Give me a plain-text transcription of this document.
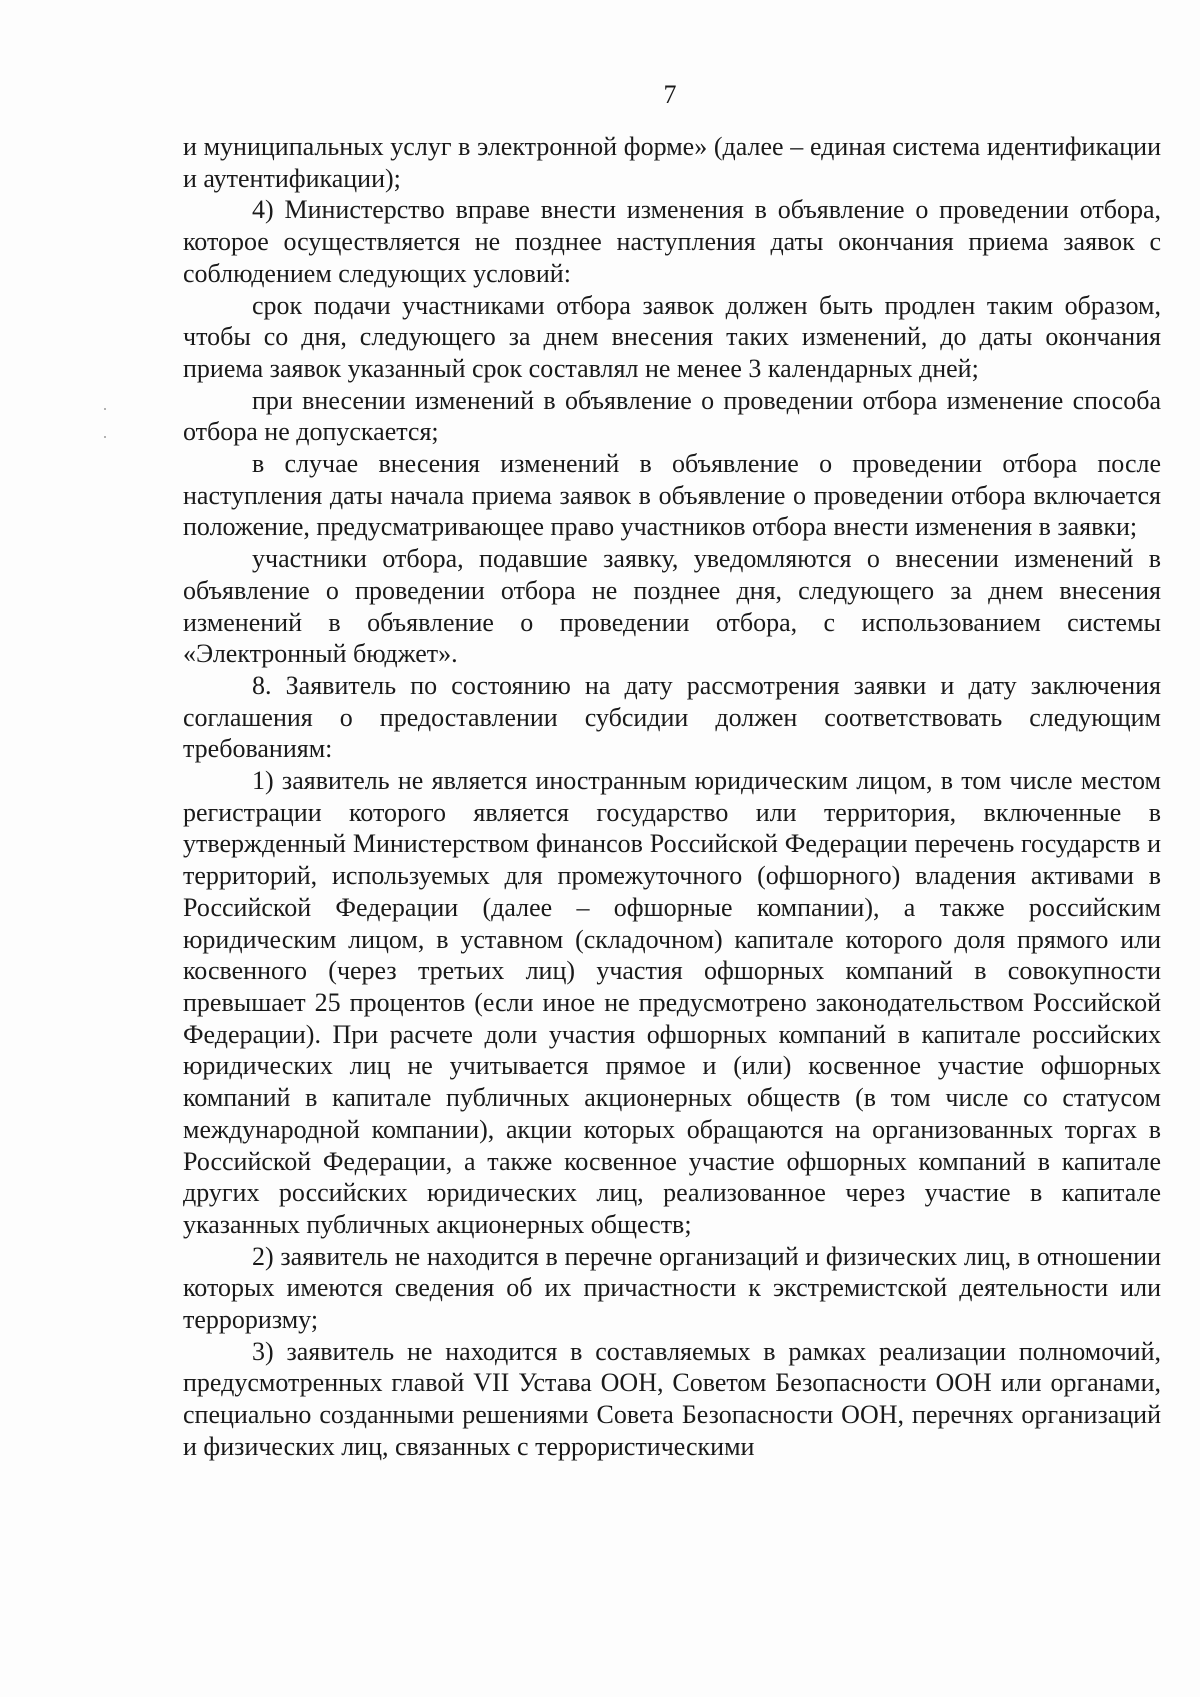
7

и муниципальных услуг в электронной форме» (далее – единая система идентификации и аутентификации);

4) Министерство вправе внести изменения в объявление о проведении отбора, которое осуществляется не позднее наступления даты окончания приема заявок с соблюдением следующих условий:

срок подачи участниками отбора заявок должен быть продлен таким образом, чтобы со дня, следующего за днем внесения таких изменений, до даты окончания приема заявок указанный срок составлял не менее 3 календарных дней;

при внесении изменений в объявление о проведении отбора изменение способа отбора не допускается;

в случае внесения изменений в объявление о проведении отбора после наступления даты начала приема заявок в объявление о проведении отбора включается положение, предусматривающее право участников отбора внести изменения в заявки;

участники отбора, подавшие заявку, уведомляются о внесении изменений в объявление о проведении отбора не позднее дня, следующего за днем внесения изменений в объявление о проведении отбора, с использованием системы «Электронный бюджет».

8. Заявитель по состоянию на дату рассмотрения заявки и дату заключения соглашения о предоставлении субсидии должен соответствовать следующим требованиям:

1) заявитель не является иностранным юридическим лицом, в том числе местом регистрации которого является государство или территория, включенные в утвержденный Министерством финансов Российской Федерации перечень государств и территорий, используемых для промежуточного (офшорного) владения активами в Российской Федерации (далее – офшорные компании), а также российским юридическим лицом, в уставном (складочном) капитале которого доля прямого или косвенного (через третьих лиц) участия офшорных компаний в совокупности превышает 25 процентов (если иное не предусмотрено законодательством Российской Федерации). При расчете доли участия офшорных компаний в капитале российских юридических лиц не учитывается прямое и (или) косвенное участие офшорных компаний в капитале публичных акционерных обществ (в том числе со статусом международной компании), акции которых обращаются на организованных торгах в Российской Федерации, а также косвенное участие офшорных компаний в капитале других российских юридических лиц, реализованное через участие в капитале указанных публичных акционерных обществ;

2) заявитель не находится в перечне организаций и физических лиц, в отношении которых имеются сведения об их причастности к экстремистской деятельности или терроризму;

3) заявитель не находится в составляемых в рамках реализации полномочий, предусмотренных главой VII Устава ООН, Советом Безопасности ООН или органами, специально созданными решениями Совета Безопасности ООН, перечнях организаций и физических лиц, связанных с террористическими
